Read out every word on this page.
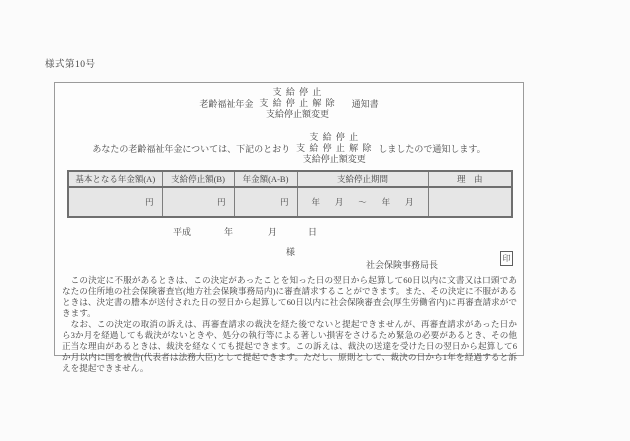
様式第10号
老齢福祉年金
支 給 停 止
支 給 停 止 解 除
支給停止額変更
通知書
あなたの老齢福祉年金については、下記のとおり
支 給 停 止
支 給 停 止 解 除
支給停止額変更
しましたので通知します。
基本となる年金額(A)	支給停止額(B)	年金額(A-B)	支給停止期間	理　由
円	円	円	年 月 〜 年 月	

平成	年	月	日
様
社会保険事務局長
印

この決定に不服があるときは、この決定があったことを知った日の翌日から起算して60日以内に文書又は口頭であなたの住所地の社会保険審査官(地方社会保険事務局内)に審査請求することができます。また、その決定に不服があるときは、決定書の謄本が送付された日の翌日から起算して60日以内に社会保険審査会(厚生労働省内)に再審査請求ができます。

なお、この決定の取消の訴えは、再審査請求の裁決を経た後でないと提起できませんが、再審査請求があった日から3か月を経過しても裁決がないときや、処分の執行等による著しい損害をさけるため緊急の必要があるとき、その他正当な理由があるときは、裁決を経なくても提起できます。この訴えは、裁決の送達を受けた日の翌日から起算して6か月以内に国を被告(代表者は法務大臣)として提起できます。ただし、原則として、裁決の日から1年を経過すると訴えを提起できません。
